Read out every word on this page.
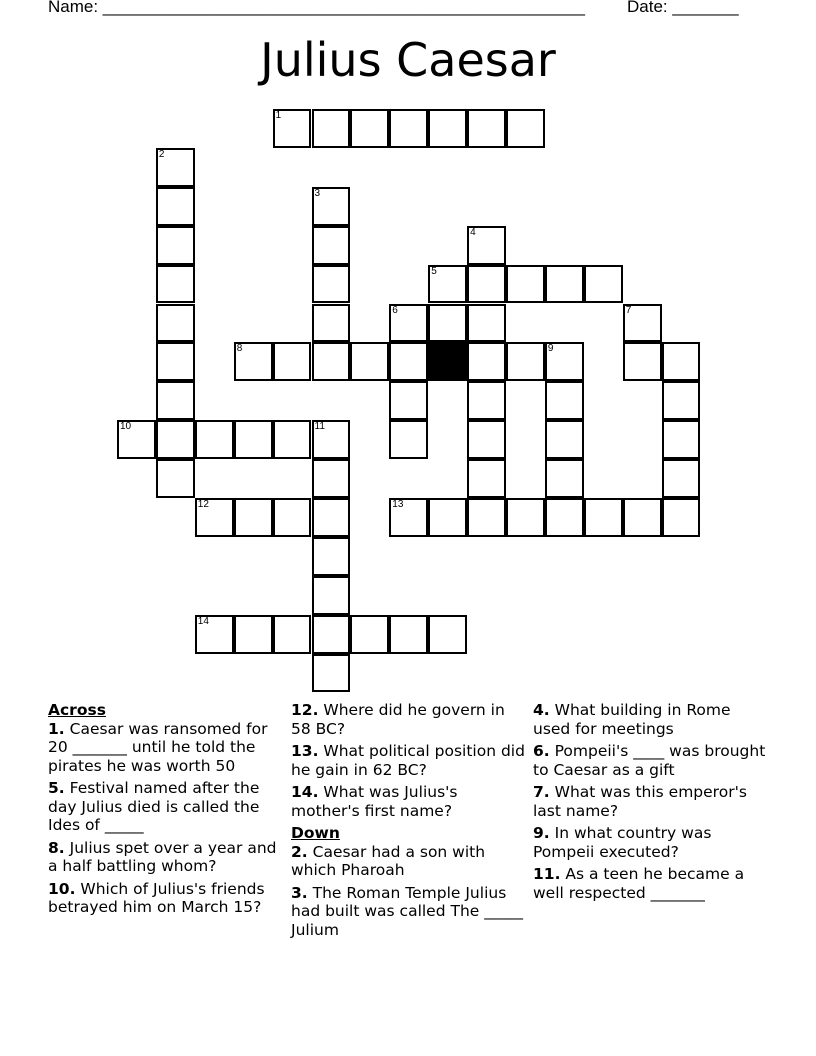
Name: ___________________________________________________ Date: _______
Julius Caesar
1
2
3
4
5
6	7
8	9
10	11
12	13
14
Across
1. Caesar was ransomed for 20 _______ until he told the pirates he was worth 50
5. Festival named after the day Julius died is called the Ides of _____
8. Julius spet over a year and a half battling whom?
10. Which of Julius's friends betrayed him on March 15?
12. Where did he govern in 58 BC?
13. What political position did he gain in 62 BC?
14. What was Julius's mother's first name?
Down
2. Caesar had a son with which Pharoah
3. The Roman Temple Julius had built was called The _____ Julium
4. What building in Rome used for meetings
6. Pompeii's ____ was brought to Caesar as a gift
7. What was this emperor's last name?
9. In what country was Pompeii executed?
11. As a teen he became a well respected _______
